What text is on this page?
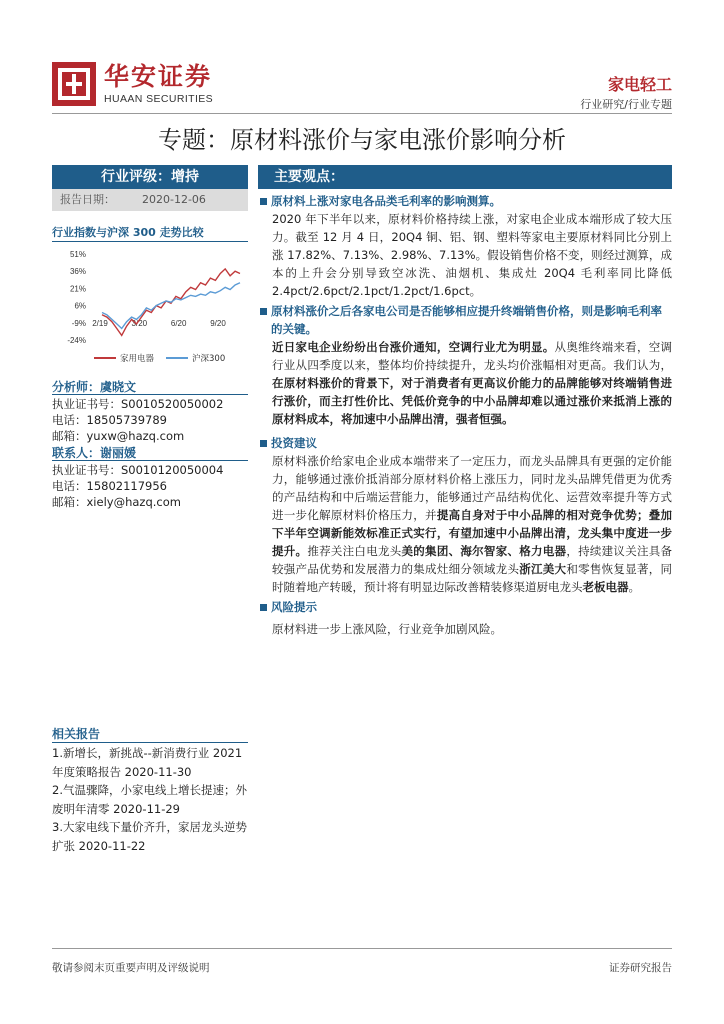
华安证券
HUAAN SECURITIES
家电轻工
行业研究/行业专题
专题：原材料涨价与家电涨价影响分析
行业评级：增持
报告日期： 2020-12-06
行业指数与沪深 300 走势比较
51%
36%
21%
6%
-9%
-24%
2/19	3/20	6/20	9/20
家用电器	沪深300
分析师：虞晓文
执业证书号：S0010520050002
电话：18505739789
邮箱：yuxw@hazq.com
联系人：谢丽媛
执业证书号：S0010120050004
电话：15802117956
邮箱：xiely@hazq.com
相关报告
1.新增长，新挑战--新消费行业 2021 年度策略报告 2020-11-30
2.气温骤降，小家电线上增长提速；外废明年清零 2020-11-29
3.大家电线下量价齐升，家居龙头逆势扩张 2020-11-22
主要观点：
原材料上涨对家电各品类毛利率的影响测算。
2020 年下半年以来，原材料价格持续上涨，对家电企业成本端形成了较大压力。截至 12 月 4 日，20Q4 铜、铝、钢、塑料等家电主要原材料同比分别上涨 17.82%、7.13%、2.98%、7.13%。假设销售价格不变，则经过测算，成本的上升会分别导致空冰洗、油烟机、集成灶 20Q4 毛利率同比降低 2.4pct/2.6pct/2.1pct/1.2pct/1.6pct。
原材料涨价之后各家电公司是否能够相应提升终端销售价格，则是影响毛利率的关键。
近日家电企业纷纷出台涨价通知，空调行业尤为明显。从奥维终端来看，空调行业从四季度以来，整体均价持续提升，龙头均价涨幅相对更高。我们认为，在原材料涨价的背景下，对于消费者有更高议价能力的品牌能够对终端销售进行涨价，而主打性价比、凭低价竞争的中小品牌却难以通过涨价来抵消上涨的原材料成本，将加速中小品牌出清，强者恒强。
投资建议
原材料涨价给家电企业成本端带来了一定压力，而龙头品牌具有更强的定价能力，能够通过涨价抵消部分原材料价格上涨压力，同时龙头品牌凭借更为优秀的产品结构和中后端运营能力，能够通过产品结构优化、运营效率提升等方式进一步化解原材料价格压力，并提高自身对于中小品牌的相对竞争优势；叠加下半年空调新能效标准正式实行，有望加速中小品牌出清，龙头集中度进一步提升。推荐关注白电龙头美的集团、海尔智家、格力电器，持续建议关注具备较强产品优势和发展潜力的集成灶细分领域龙头浙江美大和零售恢复显著，同时随着地产转暖，预计将有明显边际改善精装修渠道厨电龙头老板电器。
风险提示
原材料进一步上涨风险，行业竞争加剧风险。
敬请参阅末页重要声明及评级说明	证券研究报告
